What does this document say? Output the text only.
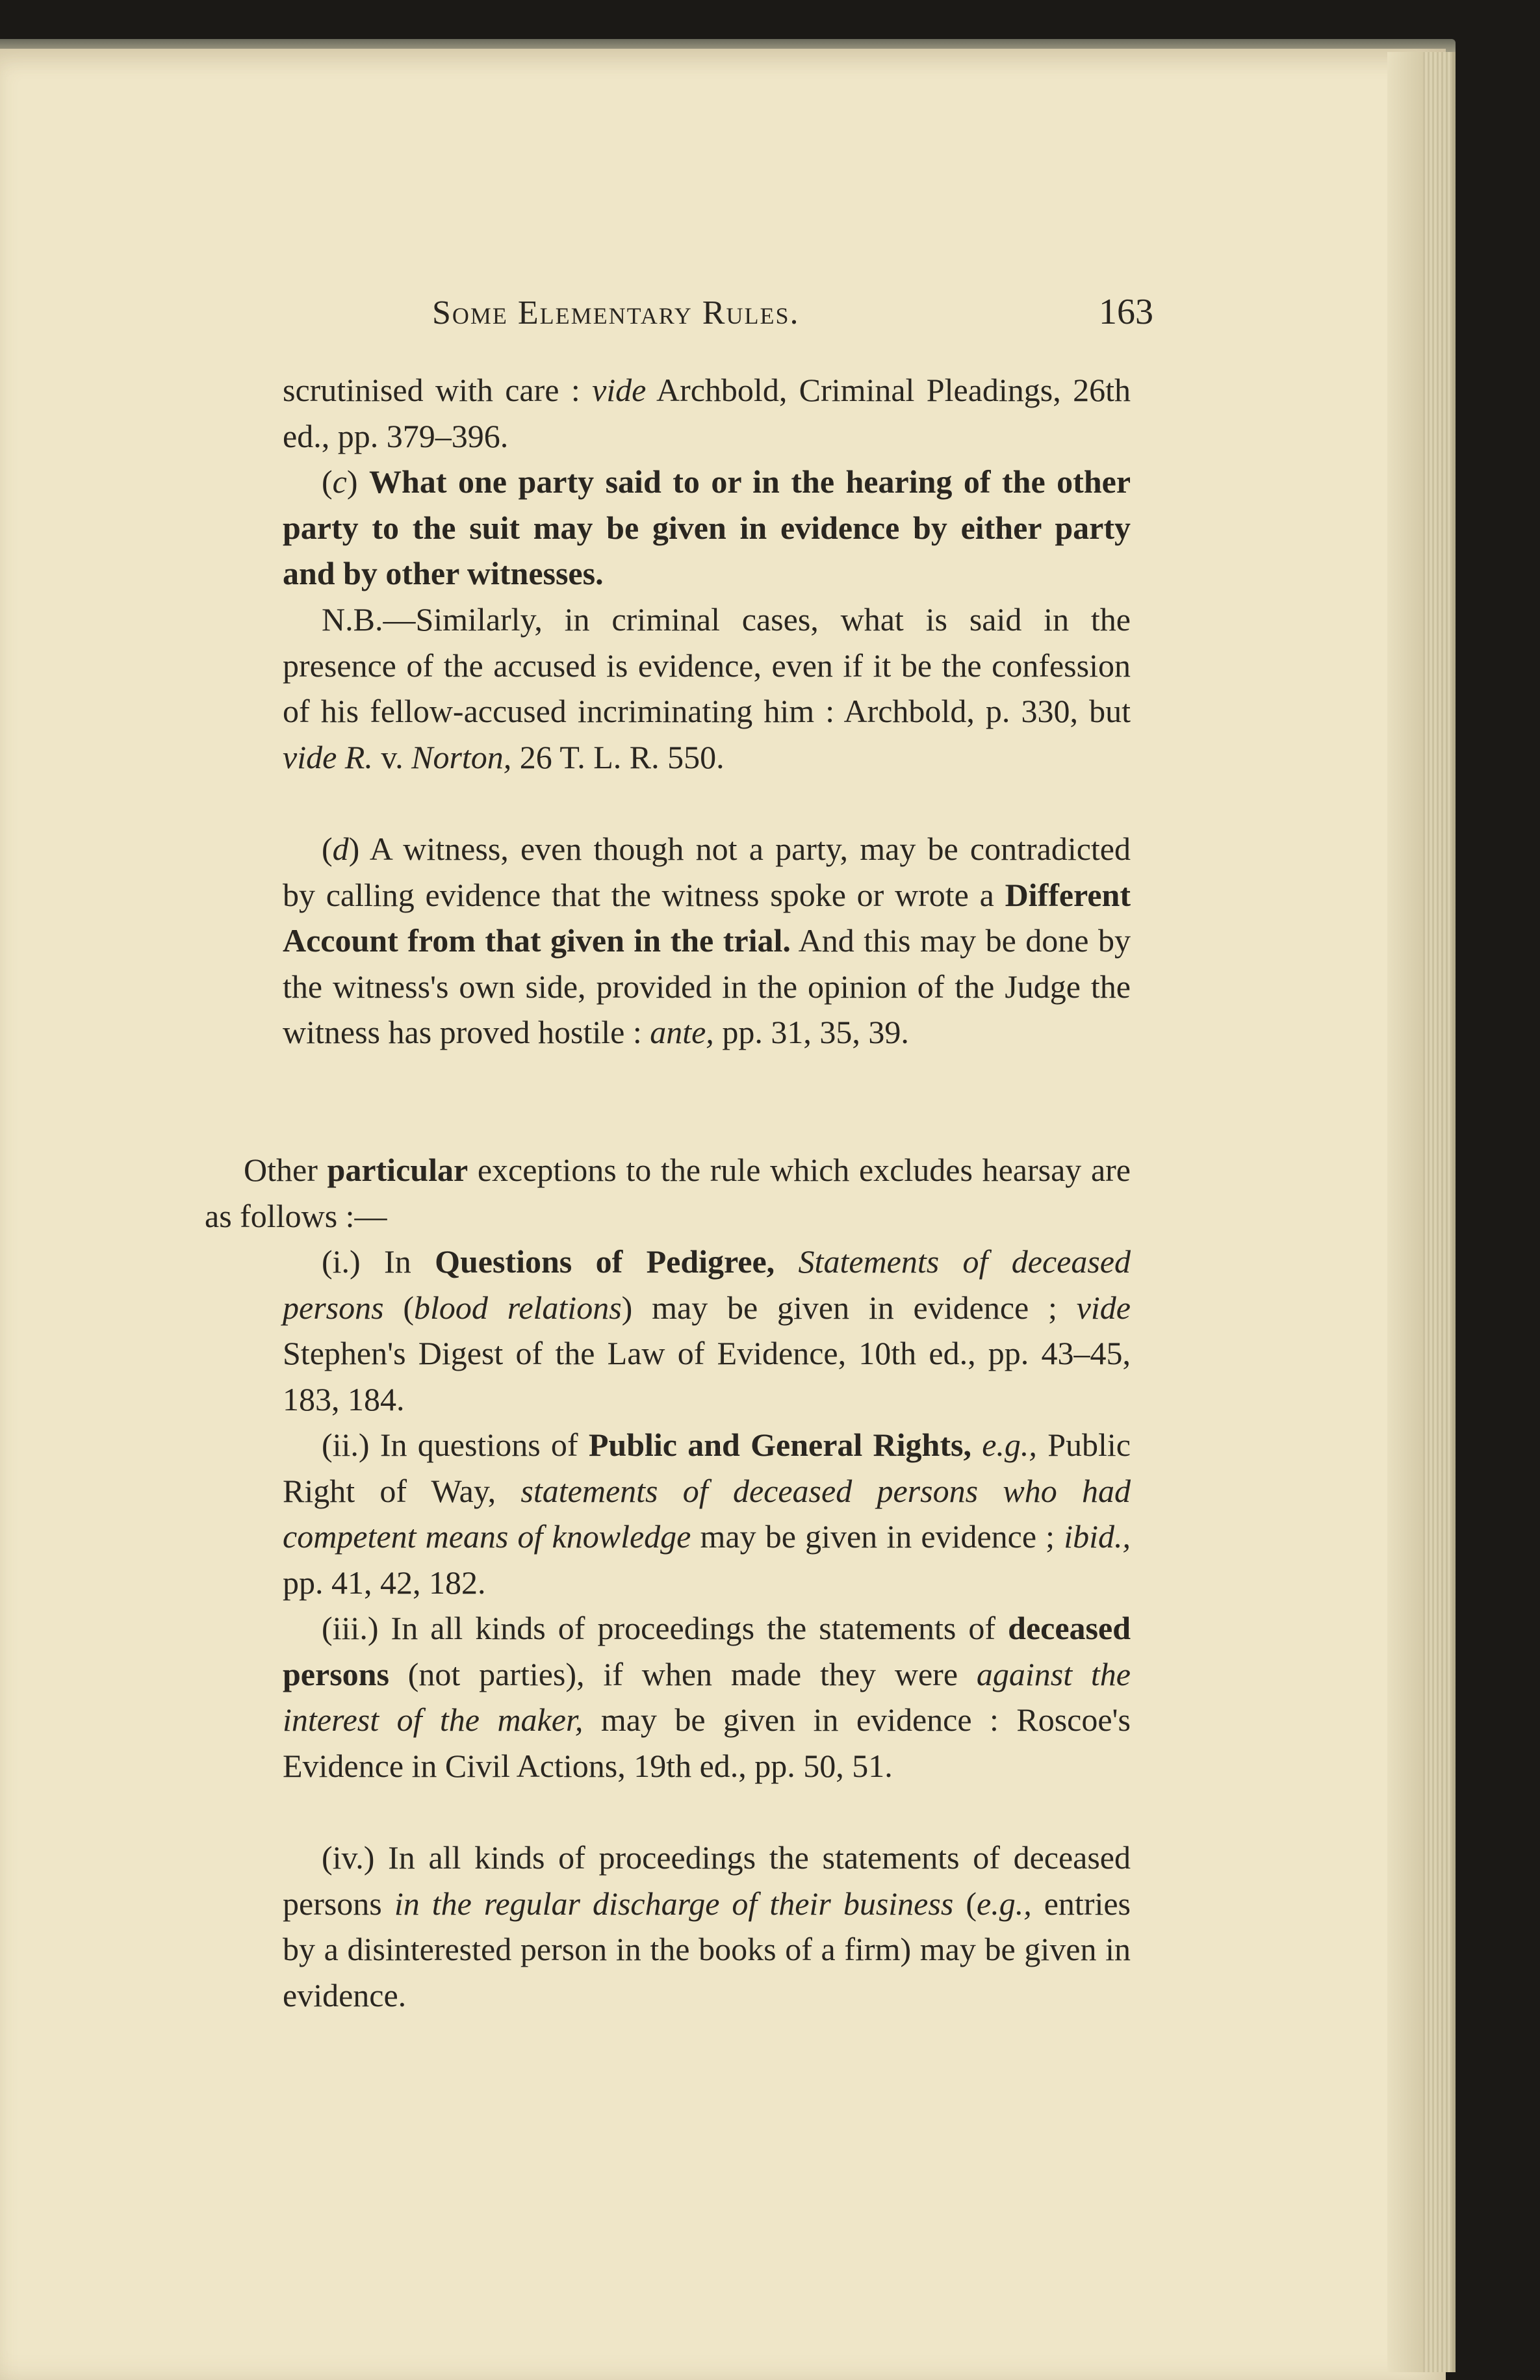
Some Elementary Rules.	163
scrutinised with care : vide Archbold, Criminal Pleadings, 26th ed., pp. 379–396.
(c) What one party said to or in the hearing of the other party to the suit may be given in evidence by either party and by other witnesses.
N.B.—Similarly, in criminal cases, what is said in the presence of the accused is evidence, even if it be the confession of his fellow-accused incriminating him : Archbold, p. 330, but vide R. v. Norton, 26 T. L. R. 550.
(d) A witness, even though not a party, may be contradicted by calling evidence that the witness spoke or wrote a Different Account from that given in the trial. And this may be done by the witness's own side, provided in the opinion of the Judge the witness has proved hostile : ante, pp. 31, 35, 39.
Other particular exceptions to the rule which excludes hearsay are as follows :—
(i.) In Questions of Pedigree, Statements of deceased persons (blood relations) may be given in evidence ; vide Stephen's Digest of the Law of Evidence, 10th ed., pp. 43–45, 183, 184.
(ii.) In questions of Public and General Rights, e.g., Public Right of Way, statements of deceased persons who had competent means of knowledge may be given in evidence ; ibid., pp. 41, 42, 182.
(iii.) In all kinds of proceedings the statements of deceased persons (not parties), if when made they were against the interest of the maker, may be given in evidence : Roscoe's Evidence in Civil Actions, 19th ed., pp. 50, 51.
(iv.) In all kinds of proceedings the statements of deceased persons in the regular discharge of their business (e.g., entries by a disinterested person in the books of a firm) may be given in evidence.
